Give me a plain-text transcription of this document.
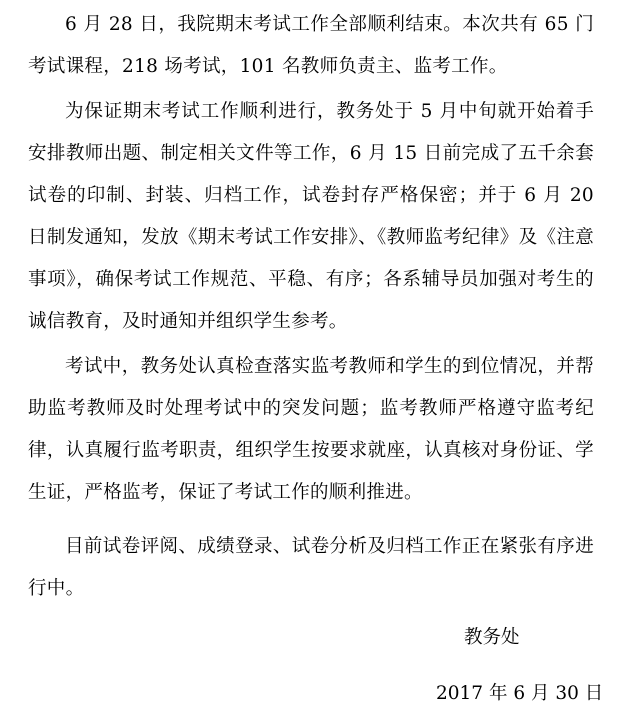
6 月 28 日，我院期末考试工作全部顺利结束。本次共有 65 门考试课程，218 场考试，101 名教师负责主、监考工作。

为保证期末考试工作顺利进行，教务处于 5 月中旬就开始着手安排教师出题、制定相关文件等工作，6 月 15 日前完成了五千余套试卷的印制、封装、归档工作，试卷封存严格保密；并于 6 月 20 日制发通知，发放《期末考试工作安排》、《教师监考纪律》及《注意事项》，确保考试工作规范、平稳、有序；各系辅导员加强对考生的诚信教育，及时通知并组织学生参考。

考试中，教务处认真检查落实监考教师和学生的到位情况，并帮助监考教师及时处理考试中的突发问题；监考教师严格遵守监考纪律，认真履行监考职责，组织学生按要求就座，认真核对身份证、学生证，严格监考，保证了考试工作的顺利推进。

目前试卷评阅、成绩登录、试卷分析及归档工作正在紧张有序进行中。

教务处

2017 年 6 月 30 日
